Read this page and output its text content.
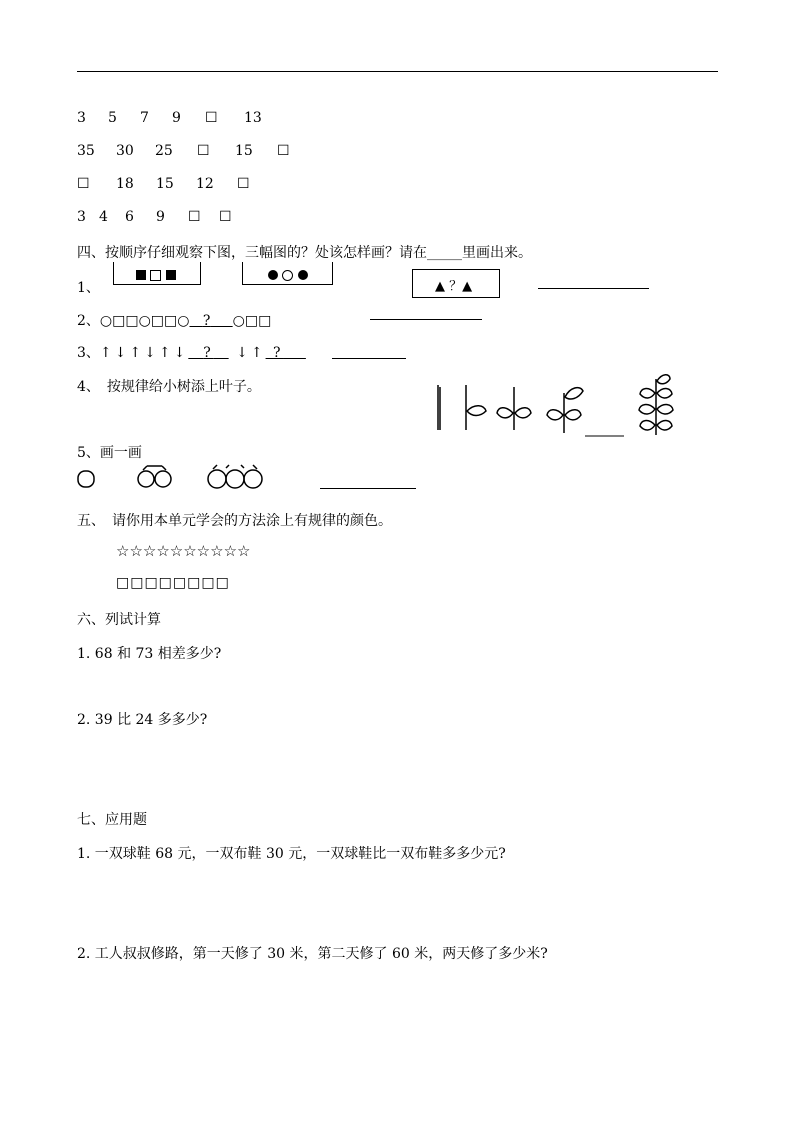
3 5 7 9 ☐ 13
35 30 25 ☐ 15 ☐
☐ 18 15 12 ☐
3 4 6 9 ☐ ☐
四、按顺序仔细观察下图，三幅图的？处该怎样画？请在_____里画出来。
1、

	▲ ？▲
2、○□□○□□○ ? ○□□
3、↑↓↑↓↑↓ ? ↓↑ ?
4、　按规律给小树添上叶子。
5、画一画
五、　请你用本单元学会的方法涂上有规律的颜色。
☆☆☆☆☆☆☆☆☆☆
□□□□□□□□
六、列试计算
1. 68 和 73 相差多少?
2. 39 比 24 多多少?
七、应用题
1. 一双球鞋 68 元，一双布鞋 30 元，一双球鞋比一双布鞋多多少元?
2. 工人叔叔修路，第一天修了 30 米，第二天修了 60 米，两天修了多少米?
